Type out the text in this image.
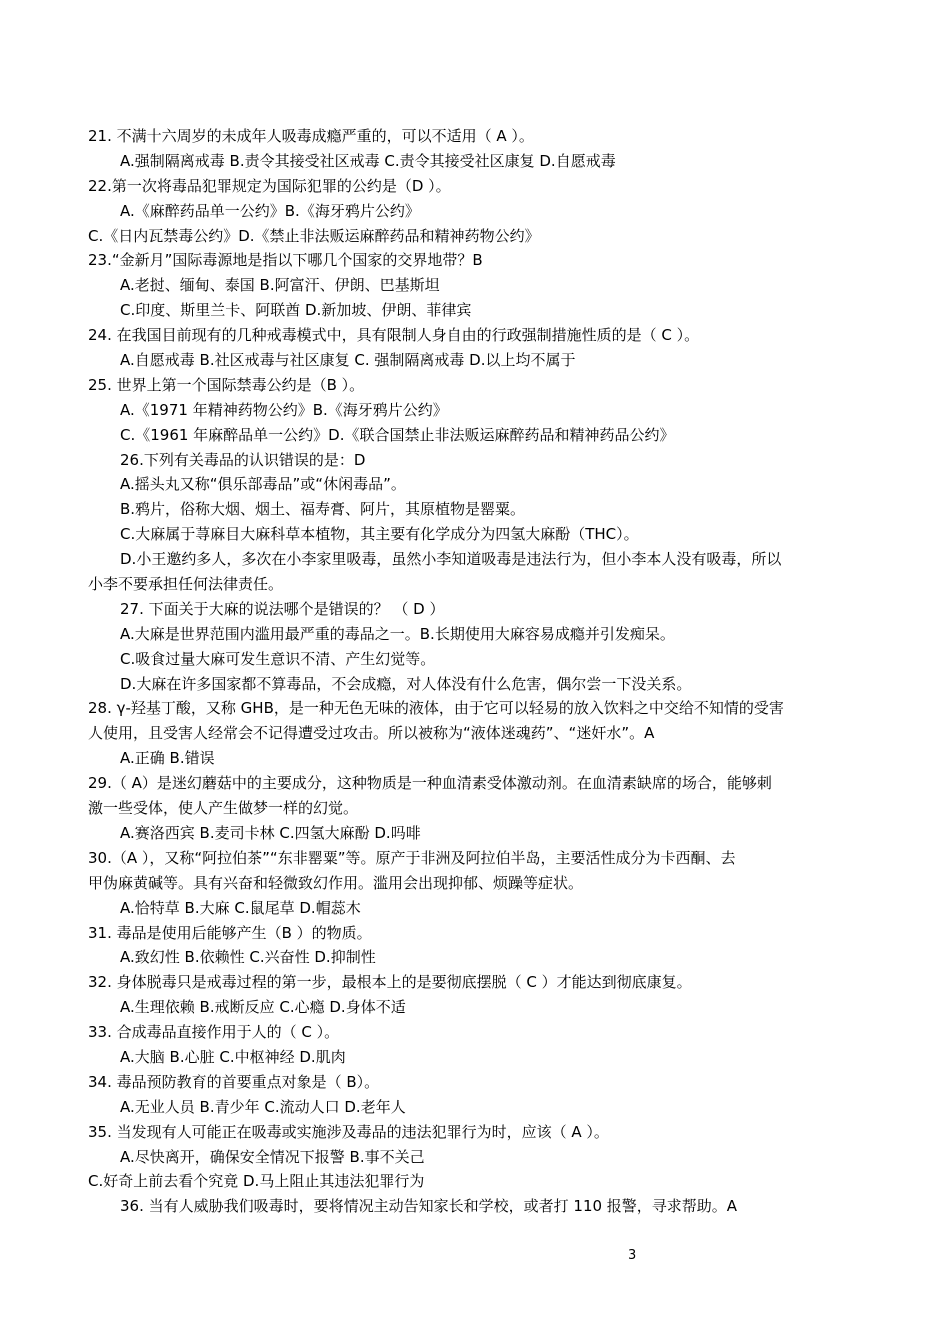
21. 不满十六周岁的未成年人吸毒成瘾严重的，可以不适用（ A ）。
A.强制隔离戒毒 B.责令其接受社区戒毒 C.责令其接受社区康复 D.自愿戒毒
22.第一次将毒品犯罪规定为国际犯罪的公约是（D ）。
A.《麻醉药品单一公约》B.《海牙鸦片公约》
C.《日内瓦禁毒公约》D.《禁止非法贩运麻醉药品和精神药物公约》
23.“金新月”国际毒源地是指以下哪几个国家的交界地带？B
A.老挝、缅甸、泰国 B.阿富汗、伊朗、巴基斯坦
C.印度、斯里兰卡、阿联酋 D.新加坡、伊朗、菲律宾
24. 在我国目前现有的几种戒毒模式中，具有限制人身自由的行政强制措施性质的是（ C ）。
A.自愿戒毒 B.社区戒毒与社区康复 C. 强制隔离戒毒 D.以上均不属于
25. 世界上第一个国际禁毒公约是（B ）。
A.《1971 年精神药物公约》B.《海牙鸦片公约》
C.《1961 年麻醉品单一公约》D.《联合国禁止非法贩运麻醉药品和精神药品公约》
26.下列有关毒品的认识错误的是：D
A.摇头丸又称“俱乐部毒品”或“休闲毒品”。
B.鸦片，俗称大烟、烟土、福寿膏、阿片，其原植物是罂粟。
C.大麻属于荨麻目大麻科草本植物，其主要有化学成分为四氢大麻酚（THC）。
D.小王邀约多人，多次在小李家里吸毒，虽然小李知道吸毒是违法行为，但小李本人没有吸毒，所以
小李不要承担任何法律责任。
27. 下面关于大麻的说法哪个是错误的？ （ D ）
A.大麻是世界范围内滥用最严重的毒品之一。B.长期使用大麻容易成瘾并引发痴呆。
C.吸食过量大麻可发生意识不清、产生幻觉等。
D.大麻在许多国家都不算毒品，不会成瘾，对人体没有什么危害，偶尔尝一下没关系。
28. γ-羟基丁酸，又称 GHB，是一种无色无味的液体，由于它可以轻易的放入饮料之中交给不知情的受害
人使用，且受害人经常会不记得遭受过攻击。所以被称为“液体迷魂药”、“迷奸水”。A
A.正确 B.错误
29.（ A）是迷幻蘑菇中的主要成分，这种物质是一种血清素受体激动剂。在血清素缺席的场合，能够刺
激一些受体，使人产生做梦一样的幻觉。
A.赛洛西宾 B.麦司卡林 C.四氢大麻酚 D.吗啡
30.（A ），又称“阿拉伯茶”“东非罂粟”等。原产于非洲及阿拉伯半岛，主要活性成分为卡西酮、去
甲伪麻黄碱等。具有兴奋和轻微致幻作用。滥用会出现抑郁、烦躁等症状。
A.恰特草 B.大麻 C.鼠尾草 D.帽蕊木
31. 毒品是使用后能够产生（B ）的物质。
A.致幻性 B.依赖性 C.兴奋性 D.抑制性
32. 身体脱毒只是戒毒过程的第一步，最根本上的是要彻底摆脱（ C ）才能达到彻底康复。
A.生理依赖 B.戒断反应 C.心瘾 D.身体不适
33. 合成毒品直接作用于人的（ C ）。
A.大脑 B.心脏 C.中枢神经 D.肌肉
34. 毒品预防教育的首要重点对象是（ B）。
A.无业人员 B.青少年 C.流动人口 D.老年人
35. 当发现有人可能正在吸毒或实施涉及毒品的违法犯罪行为时，应该（ A ）。
A.尽快离开，确保安全情况下报警 B.事不关己
C.好奇上前去看个究竟 D.马上阻止其违法犯罪行为
36. 当有人威胁我们吸毒时，要将情况主动告知家长和学校，或者打 110 报警，寻求帮助。A
3
